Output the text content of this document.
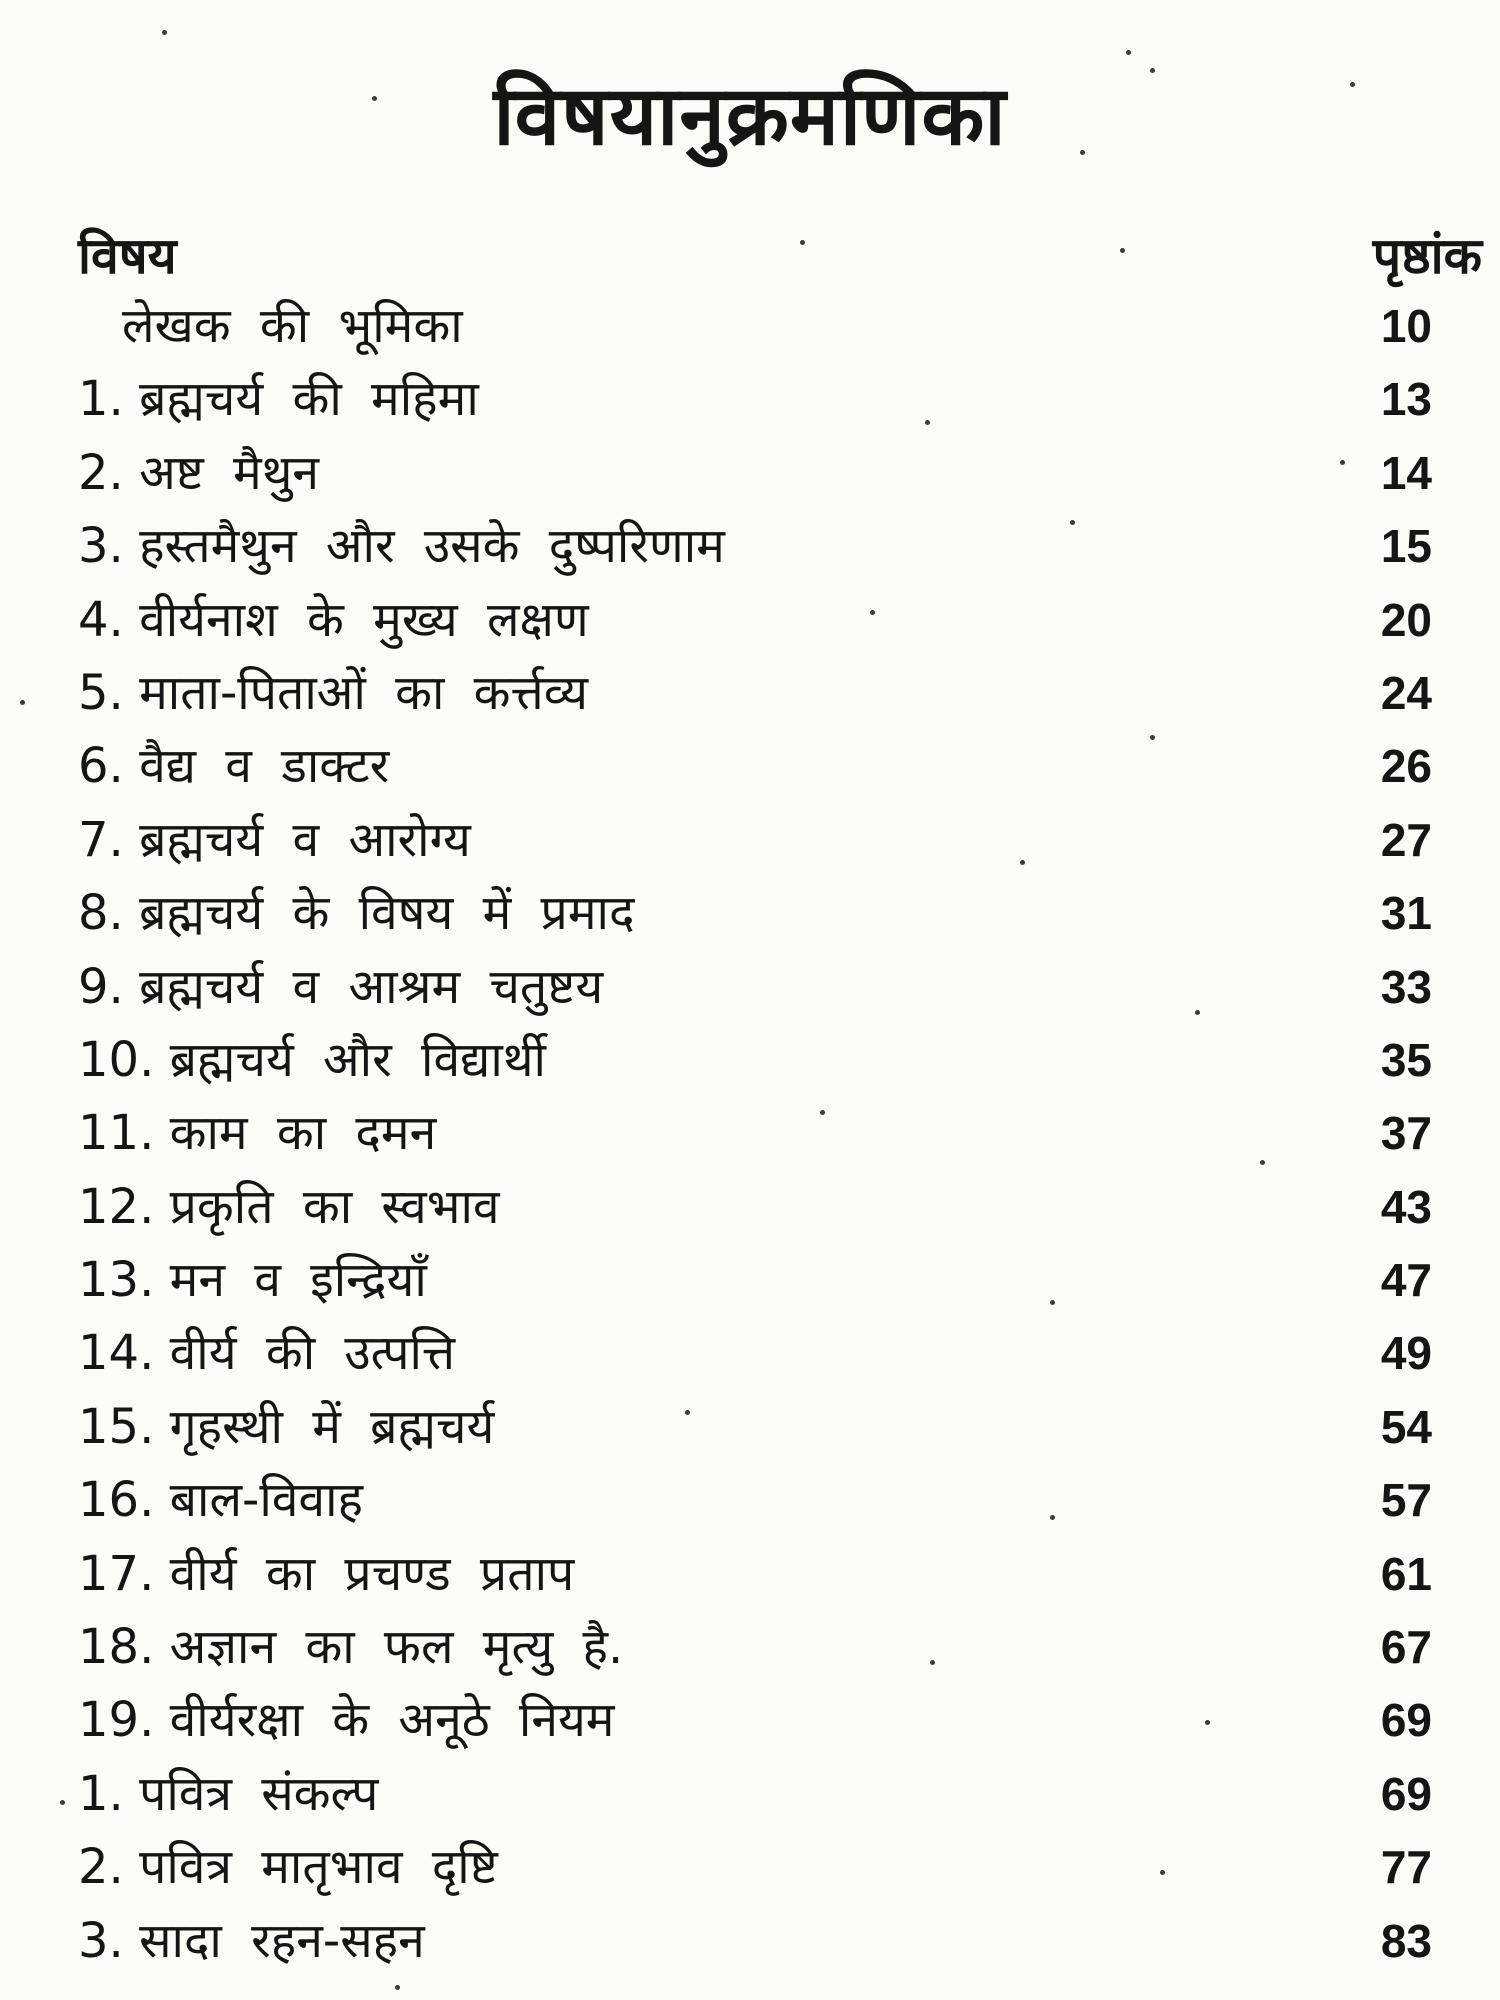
विषयानुक्रमणिका
विषय	पृष्ठांक
लेखक की भूमिका	10
1. ब्रह्मचर्य की महिमा	13
2. अष्ट मैथुन	14
3. हस्तमैथुन और उसके दुष्परिणाम	15
4. वीर्यनाश के मुख्य लक्षण	20
5. माता-पिताओं का कर्त्तव्य	24
6. वैद्य व डाक्टर	26
7. ब्रह्मचर्य व आरोग्य	27
8. ब्रह्मचर्य के विषय में प्रमाद	31
9. ब्रह्मचर्य व आश्रम चतुष्टय	33
10. ब्रह्मचर्य और विद्यार्थी	35
11. काम का दमन	37
12. प्रकृति का स्वभाव	43
13. मन व इन्द्रियाँ	47
14. वीर्य की उत्पत्ति	49
15. गृहस्थी में ब्रह्मचर्य	54
16. बाल-विवाह	57
17. वीर्य का प्रचण्ड प्रताप	61
18. अज्ञान का फल मृत्यु है.	67
19. वीर्यरक्षा के अनूठे नियम	69
1. पवित्र संकल्प	69
2. पवित्र मातृभाव दृष्टि	77
3. सादा रहन-सहन	83
